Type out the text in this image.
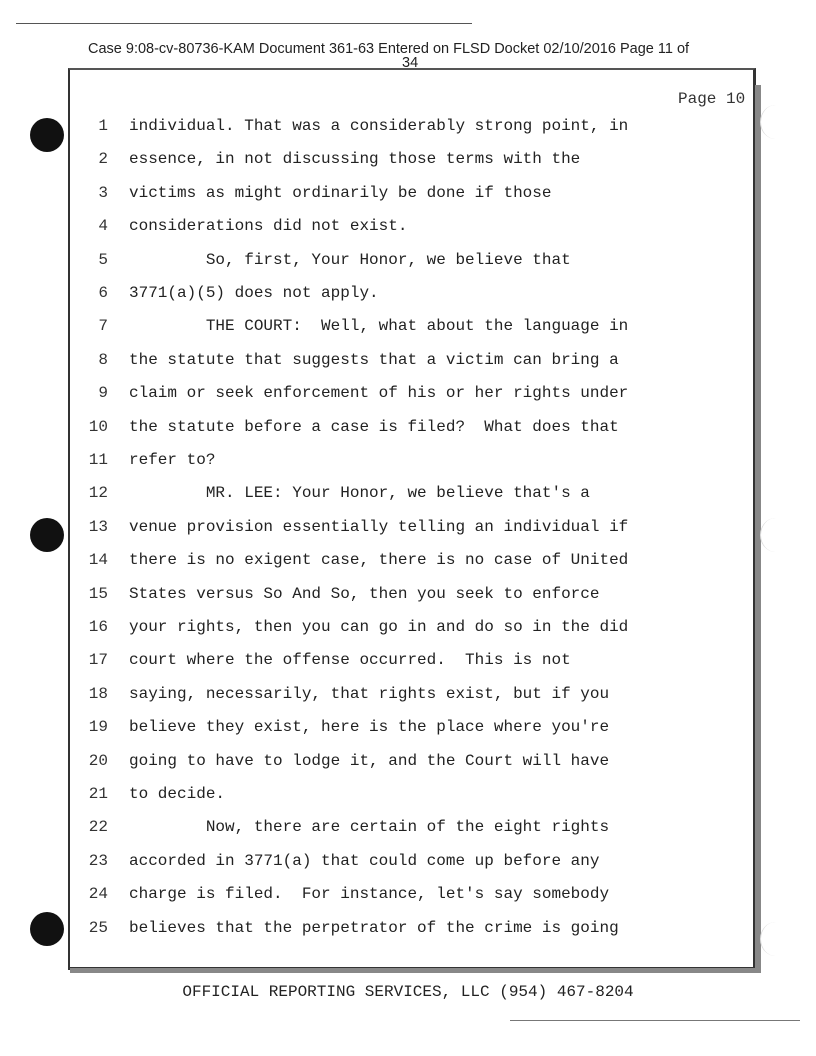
Case 9:08-cv-80736-KAM Document 361-63 Entered on FLSD Docket 02/10/2016 Page 11 of
34
Page 10
1 individual. That was a considerably strong point, in
2 essence, in not discussing those terms with the
3 victims as might ordinarily be done if those
4 considerations did not exist.
5 So, first, Your Honor, we believe that
6 3771(a)(5) does not apply.
7 THE COURT:  Well, what about the language in
8 the statute that suggests that a victim can bring a
9 claim or seek enforcement of his or her rights under
10 the statute before a case is filed?  What does that
11 refer to?
12 MR. LEE: Your Honor, we believe that's a
13 venue provision essentially telling an individual if
14 there is no exigent case, there is no case of United
15 States versus So And So, then you seek to enforce
16 your rights, then you can go in and do so in the did
17 court where the offense occurred.  This is not
18 saying, necessarily, that rights exist, but if you
19 believe they exist, here is the place where you're
20 going to have to lodge it, and the Court will have
21 to decide.
22 Now, there are certain of the eight rights
23 accorded in 3771(a) that could come up before any
24 charge is filed.  For instance, let's say somebody
25 believes that the perpetrator of the crime is going
OFFICIAL REPORTING SERVICES, LLC (954) 467-8204
